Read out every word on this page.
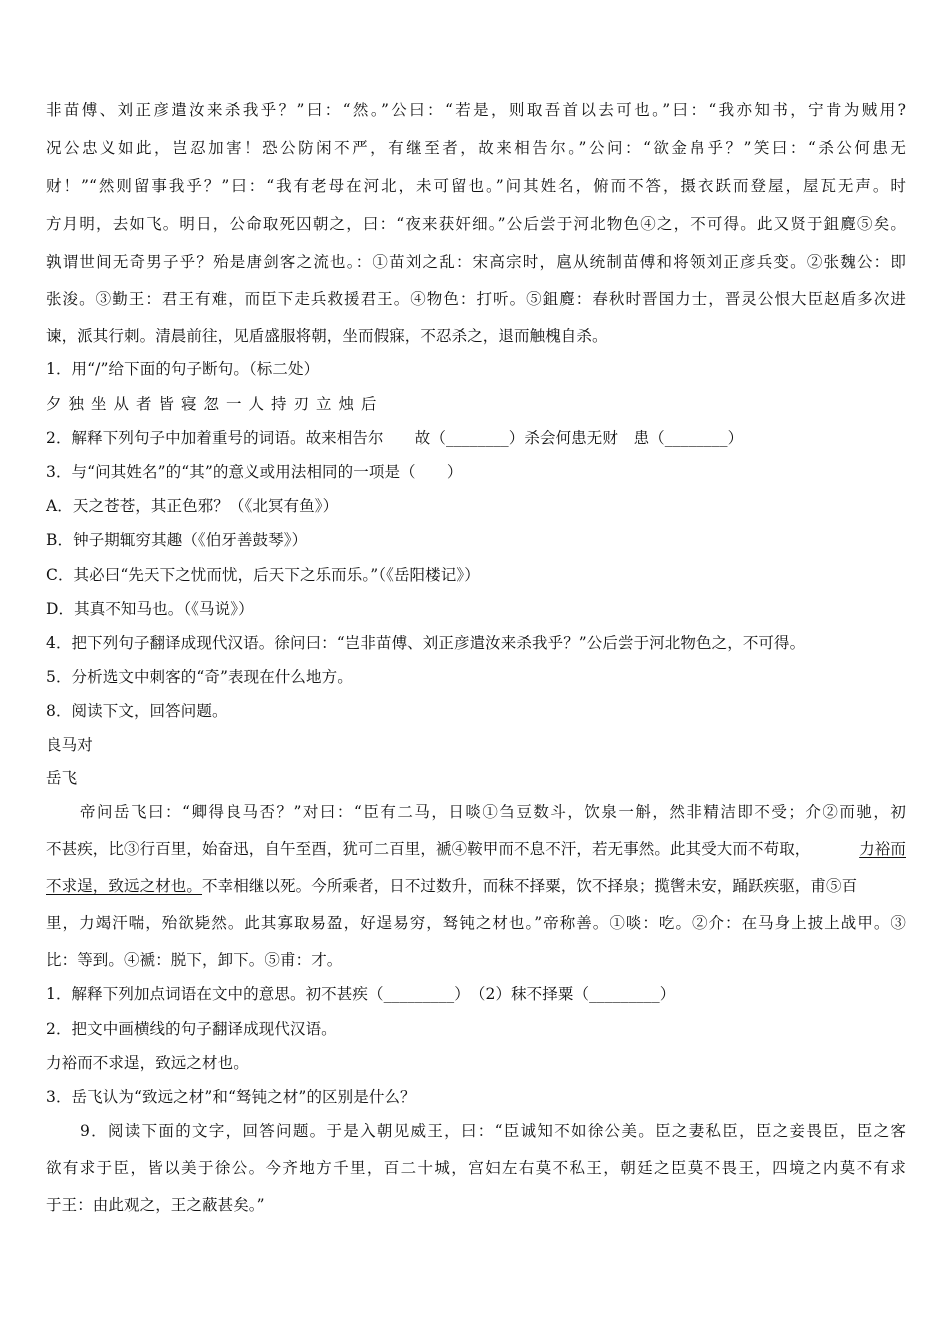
非苗傅、刘正彦遣汝来杀我乎？”曰：“然。”公曰：“若是，则取吾首以去可也。”曰：“我亦知书，宁肯为贼用?
况公忠义如此，岂忍加害！恐公防闲不严，有继至者，故来相告尔。”公问：“欲金帛乎？”笑曰：“杀公何患无
财！”“然则留事我乎？”曰：“我有老母在河北，未可留也。”问其姓名，俯而不答，摄衣跃而登屋，屋瓦无声。时
方月明，去如飞。明日，公命取死囚朝之，曰：“夜来获奸细。”公后尝于河北物色④之，不可得。此又贤于鉏麑⑤矣。
孰谓世间无奇男子乎？殆是唐剑客之流也。：①苗刘之乱：宋高宗时，扈从统制苗傅和将领刘正彦兵变。②张魏公：即
张浚。③勤王：君王有难，而臣下走兵救援君王。④物色：打听。⑤鉏麑：春秋时晋国力士，晋灵公恨大臣赵盾多次进
谏，派其行刺。清晨前往，见盾盛服将朝，坐而假寐，不忍杀之，退而触槐自杀。
1．用“/”给下面的句子断句。（标二处）
夕独坐从者皆寝忽一人持刃立烛后
2．解释下列句子中加着重号的词语。故来相告尔　　故（________）杀会何患无财　患（________）
3．与“问其姓名”的“其”的意义或用法相同的一项是（　　）
A．天之苍苍，其正色邪？（《北冥有鱼》）
B．钟子期辄穷其趣（《伯牙善鼓琴》）
C．其必曰“先天下之忧而忧，后天下之乐而乐。”（《岳阳楼记》）
D．其真不知马也。（《马说》）
4．把下列句子翻译成现代汉语。徐问曰：“岂非苗傅、刘正彦遣汝来杀我乎？”公后尝于河北物色之，不可得。
5．分析选文中刺客的“奇”表现在什么地方。
8．阅读下文，回答问题。
良马对
岳飞
帝问岳飞曰：“卿得良马否？”对曰：“臣有二马，日啖①刍豆数斗，饮泉一斛，然非精洁即不受；介②而驰，初
不甚疾，比③行百里，始奋迅，自午至酉，犹可二百里，褫④鞍甲而不息不汗，若无事然。此其受大而不苟取，	力裕而
不求逞，致远之材也。不幸相继以死。今所乘者，日不过数升，而秣不择粟，饮不择泉；揽辔未安，踊跃疾驱，甫⑤百
里，力竭汗喘，殆欲毙然。此其寡取易盈，好逞易穷，驽钝之材也。”帝称善。①啖：吃。②介：在马身上披上战甲。③
比：等到。④褫：脱下，卸下。⑤甫：才。
1．解释下列加点词语在文中的意思。初不甚疾（_________）　（2）秣不择粟（_________）
2．把文中画横线的句子翻译成现代汉语。
力裕而不求逞，致远之材也。
3．岳飞认为“致远之材”和“驽钝之材”的区别是什么？
9．阅读下面的文字，回答问题。于是入朝见威王，曰：“臣诚知不如徐公美。臣之妻私臣，臣之妾畏臣，臣之客
欲有求于臣，皆以美于徐公。今齐地方千里，百二十城，宫妇左右莫不私王，朝廷之臣莫不畏王，四境之内莫不有求
于王：由此观之，王之蔽甚矣。”
